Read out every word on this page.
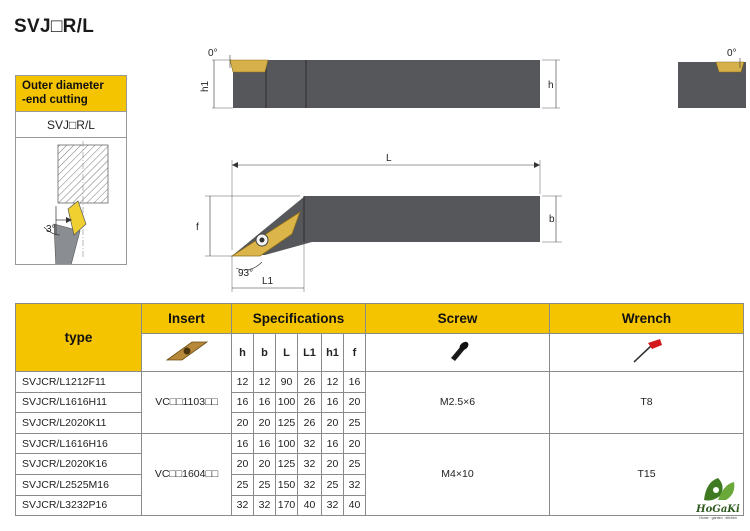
SVJ□R/L
Outer diameter
-end cutting
SVJ□R/L
3°
0°
h1	h
0°
L
f
b
L1
93°
type	Insert	Specifications						Screw	Wrench
	h	b	L	L1	h1	f		
SVJCR/L1212F11	VC□□1103□□	12	12	90	26	12	16	M2.5×6	T8
SVJCR/L1616H11		16	16	100	26	16	20		
SVJCR/L2020K11		20	20	125	26	20	25		
SVJCR/L1616H16	VC□□1604□□	16	16	100	32	16	20	M4×10	T15
SVJCR/L2020K16		20	20	125	32	20	25		
SVJCR/L2525M16		25	25	150	32	25	32		
SVJCR/L3232P16		32	32	170	40	32	40			HoGaKi
Home · garden · kitchen
